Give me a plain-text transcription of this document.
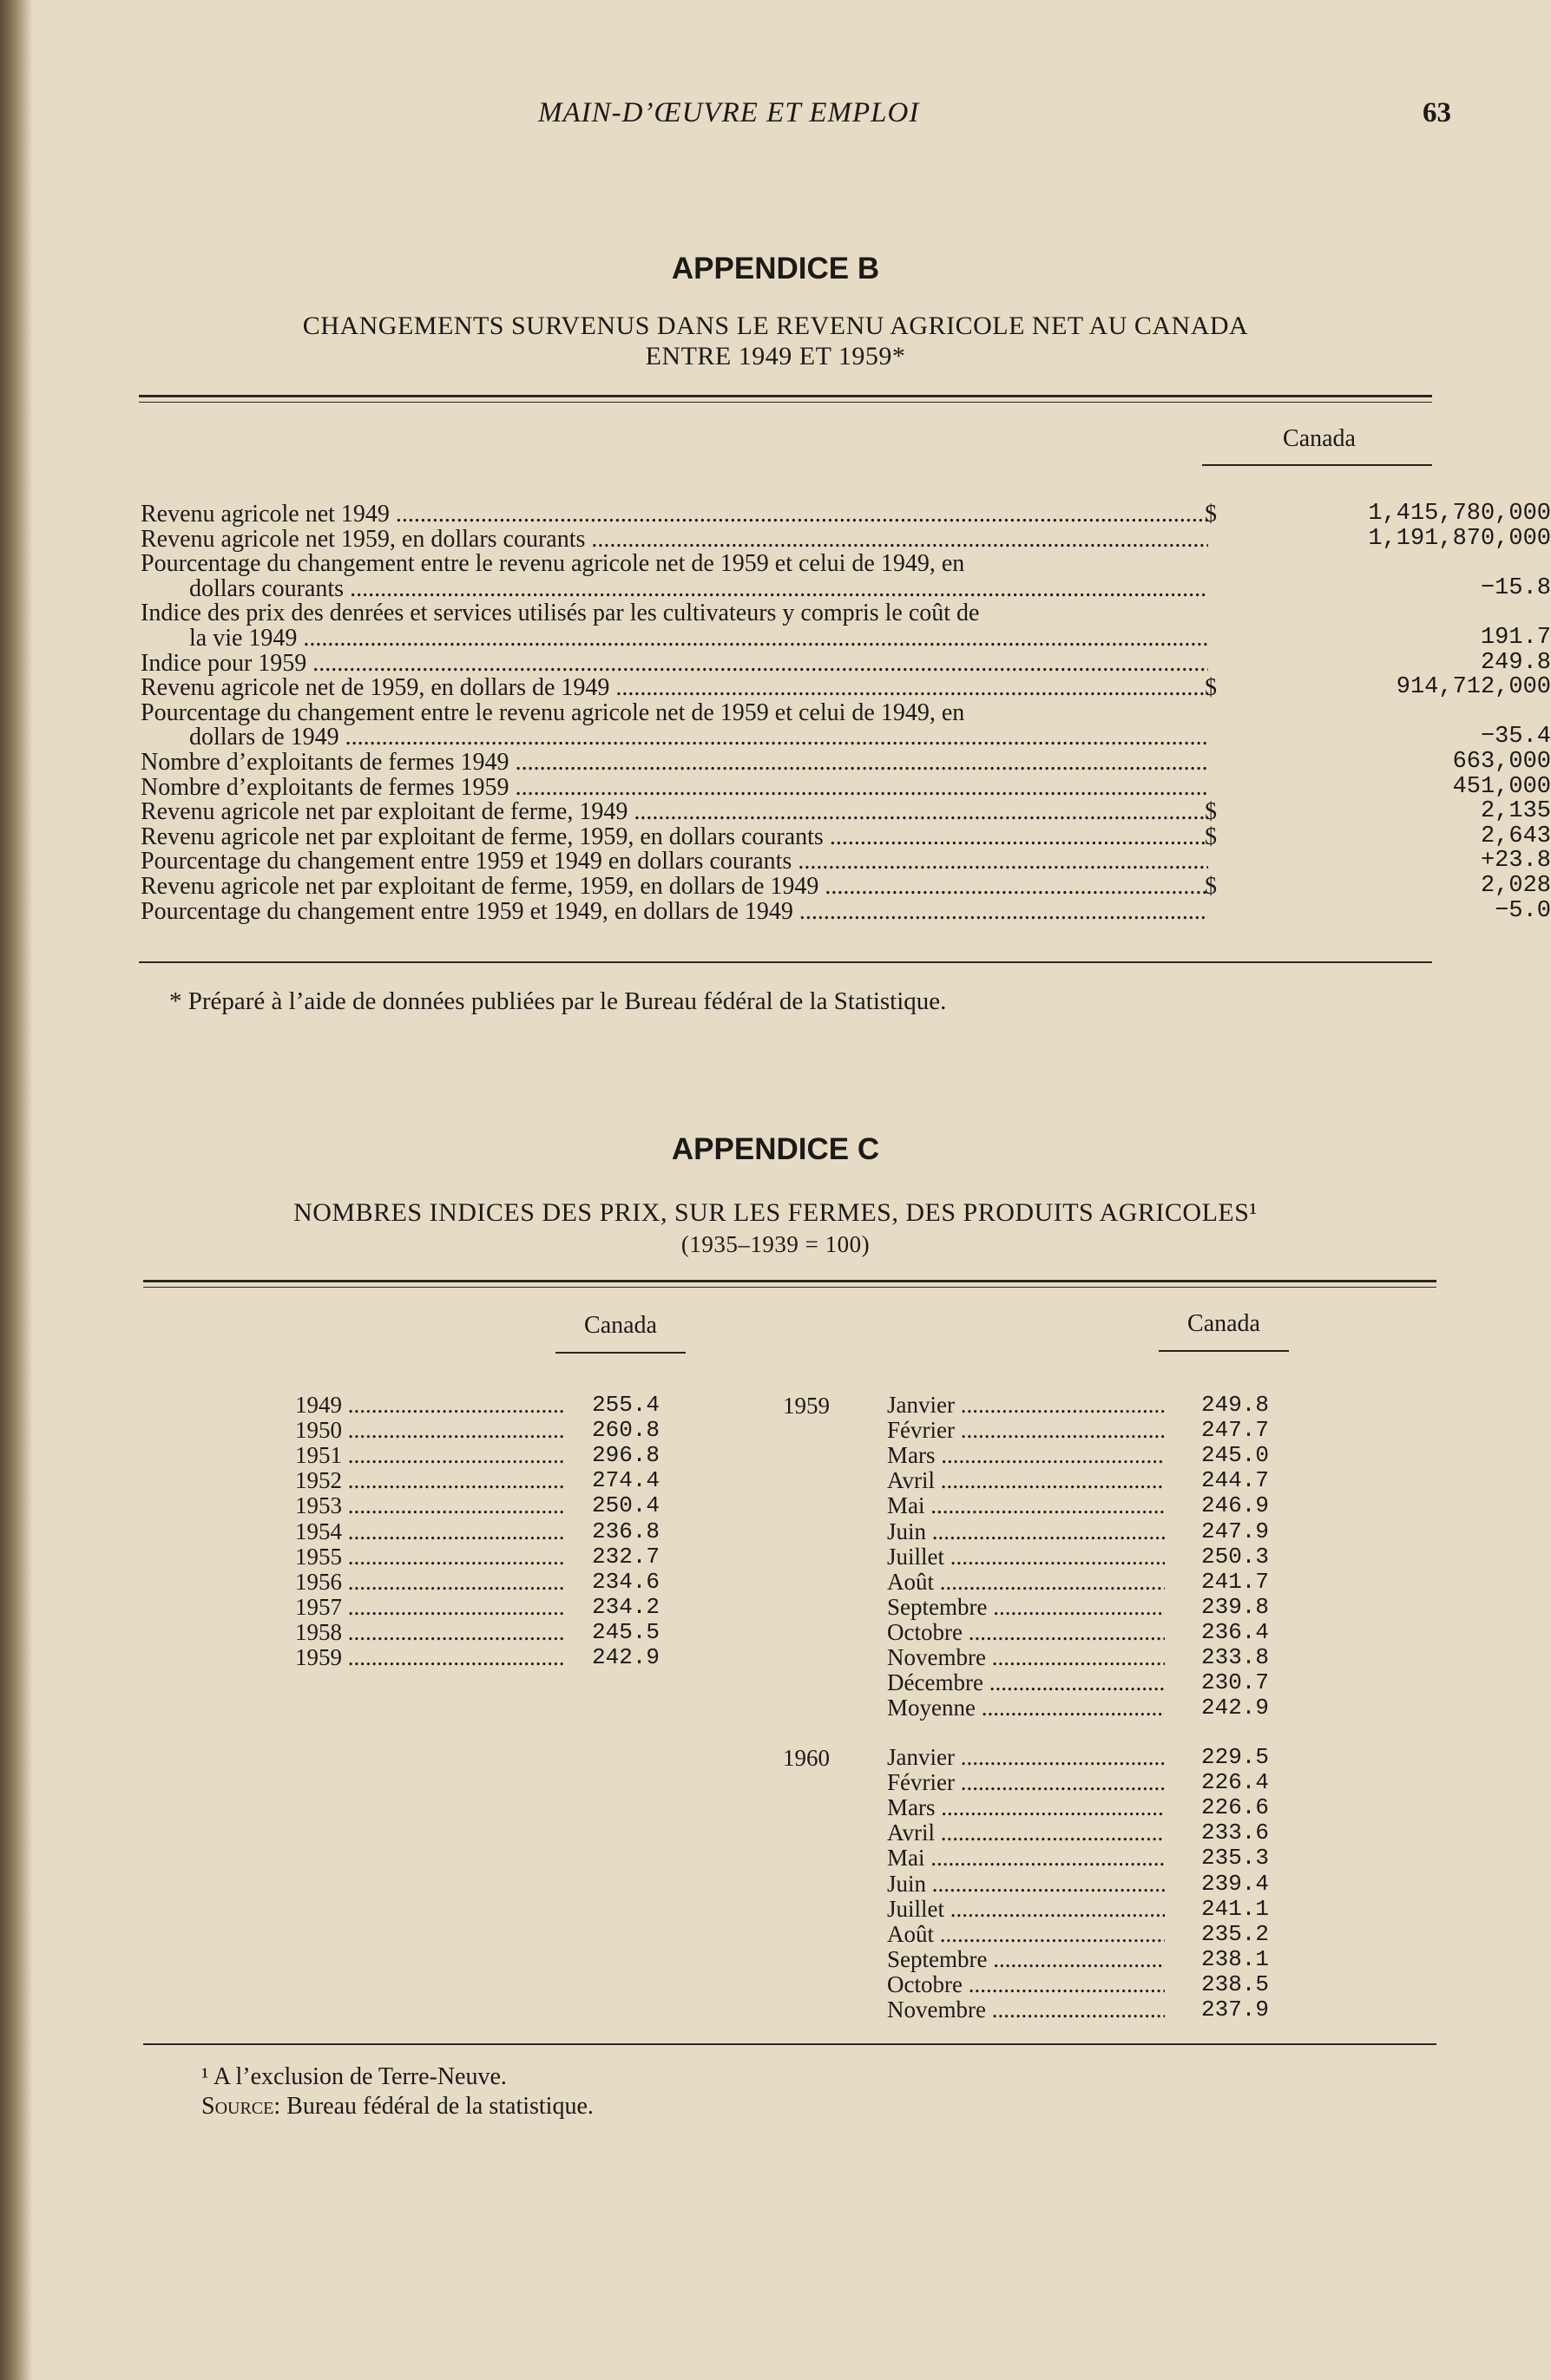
MAIN-D’ŒUVRE ET EMPLOI	63
APPENDICE B
CHANGEMENTS SURVENUS DANS LE REVENU AGRICOLE NET AU CANADA
ENTRE 1949 ET 1959*
Canada
Revenu agricole net 1949 .....	$	1,415,780,000
Revenu agricole net 1959, en dollars courants .....	1,191,870,000
Pourcentage du changement entre le revenu agricole net de 1959 et celui de 1949, en
dollars courants .....	−15.8
Indice des prix des denrées et services utilisés par les cultivateurs y compris le coût de
la vie 1949 .....	191.7
Indice pour 1959 .....	249.8
Revenu agricole net de 1959, en dollars de 1949 .....	$	914,712,000
Pourcentage du changement entre le revenu agricole net de 1959 et celui de 1949, en
dollars de 1949 .....	−35.4
Nombre d’exploitants de fermes 1949 .....	663,000
Nombre d’exploitants de fermes 1959 .....	451,000
Revenu agricole net par exploitant de ferme, 1949 .....	$	2,135
Revenu agricole net par exploitant de ferme, 1959, en dollars courants .....	$	2,643
Pourcentage du changement entre 1959 et 1949 en dollars courants .....	+23.8
Revenu agricole net par exploitant de ferme, 1959, en dollars de 1949 .....	$	2,028
Pourcentage du changement entre 1959 et 1949, en dollars de 1949 .....	−5.0
* Préparé à l’aide de données publiées par le Bureau fédéral de la Statistique.
APPENDICE C
NOMBRES INDICES DES PRIX, SUR LES FERMES, DES PRODUITS AGRICOLES¹
(1935–1939 = 100)
Canada	Canada
1949 .....	255.4
1950 .....	260.8
1951 .....	296.8
1952 .....	274.4
1953 .....	250.4
1954 .....	236.8
1955 .....	232.7
1956 .....	234.6
1957 .....	234.2
1958 .....	245.5
1959 .....	242.9
1959 Janvier .....	249.8
Février .....	247.7
Mars .....	245.0
Avril .....	244.7
Mai .....	246.9
Juin .....	247.9
Juillet .....	250.3
Août .....	241.7
Septembre .....	239.8
Octobre .....	236.4
Novembre .....	233.8
Décembre .....	230.7
Moyenne .....	242.9
1960 Janvier .....	229.5
Février .....	226.4
Mars .....	226.6
Avril .....	233.6
Mai .....	235.3
Juin .....	239.4
Juillet .....	241.1
Août .....	235.2
Septembre .....	238.1
Octobre .....	238.5
Novembre .....	237.9
¹ A l’exclusion de Terre-Neuve.
Source: Bureau fédéral de la statistique.
